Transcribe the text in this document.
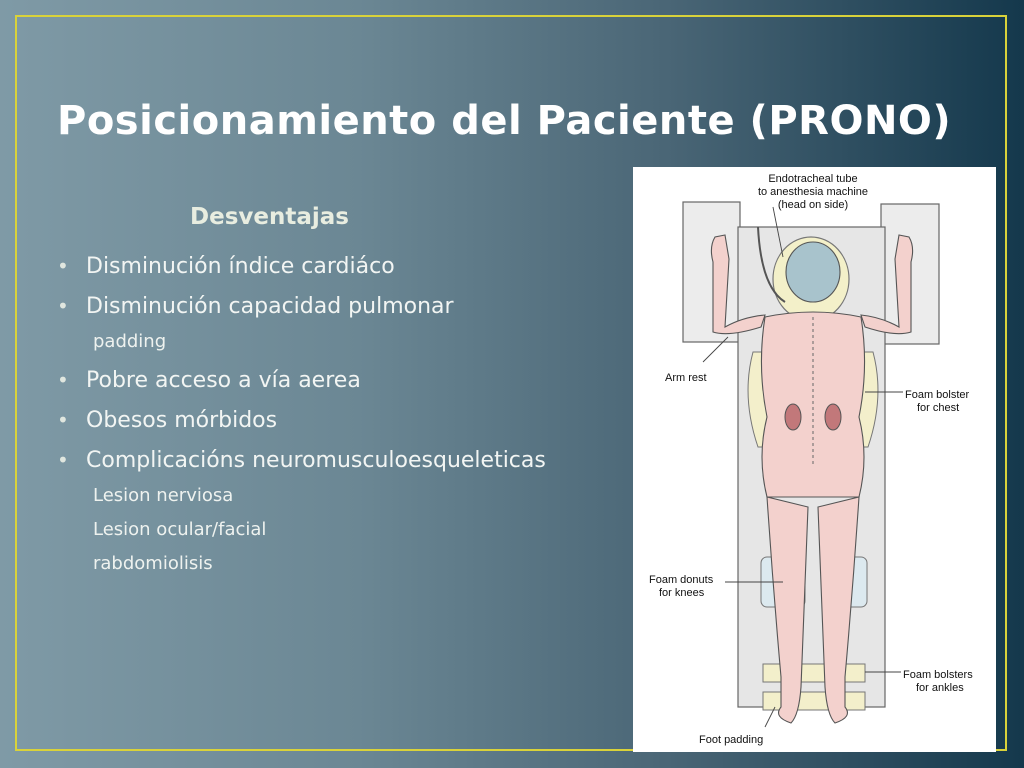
Posicionamiento del Paciente (PRONO)
Desventajas
• Disminución índice cardiáco
• Disminución capacidad pulmonar
padding
• Pobre acceso a vía aerea
• Obesos mórbidos
• Complicacións neuromusculoesqueleticas
Lesion nerviosa
Lesion ocular/facial
rabdomiolisis
Endotracheal tube
to anesthesia machine
(head on side)
Arm rest
Foam bolster
for chest
Foam donuts
for knees
Foam bolsters
for ankles
Foot padding
